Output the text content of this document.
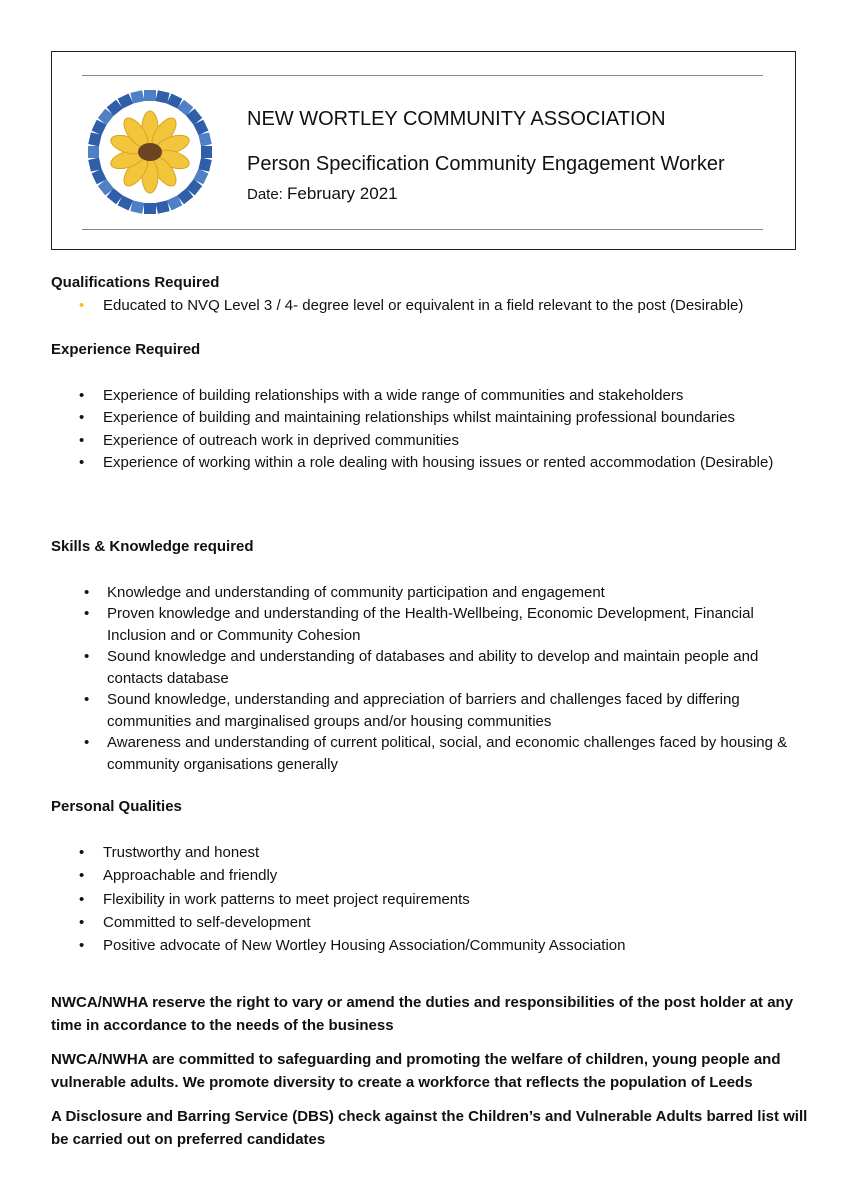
NEW WORTLEY COMMUNITY ASSOCIATION
Person Specification Community Engagement Worker
Date: February 2021
Qualifications Required
• Educated to NVQ Level 3 / 4- degree level or equivalent in a field relevant to the post (Desirable)
Experience Required
• Experience of building relationships with a wide range of communities and stakeholders
• Experience of building and maintaining relationships whilst maintaining professional boundaries
• Experience of outreach work in deprived communities
• Experience of working within a role dealing with housing issues or rented accommodation (Desirable)
Skills & Knowledge required
• Knowledge and understanding of community participation and engagement
• Proven knowledge and understanding of the Health-Wellbeing, Economic Development, Financial Inclusion and or Community Cohesion
• Sound knowledge and understanding of databases and ability to develop and maintain people and contacts database
• Sound knowledge, understanding and appreciation of barriers and challenges faced by differing communities and marginalised groups and/or housing communities
• Awareness and understanding of current political, social, and economic challenges faced by housing & community organisations generally
Personal Qualities
• Trustworthy and honest
• Approachable and friendly
• Flexibility in work patterns to meet project requirements
• Committed to self-development
• Positive advocate of New Wortley Housing Association/Community Association
NWCA/NWHA reserve the right to vary or amend the duties and responsibilities of the post holder at any time in accordance to the needs of the business
NWCA/NWHA are committed to safeguarding and promoting the welfare of children, young people and vulnerable adults. We promote diversity to create a workforce that reflects the population of Leeds
A Disclosure and Barring Service (DBS) check against the Children’s and Vulnerable Adults barred list will be carried out on preferred candidates
